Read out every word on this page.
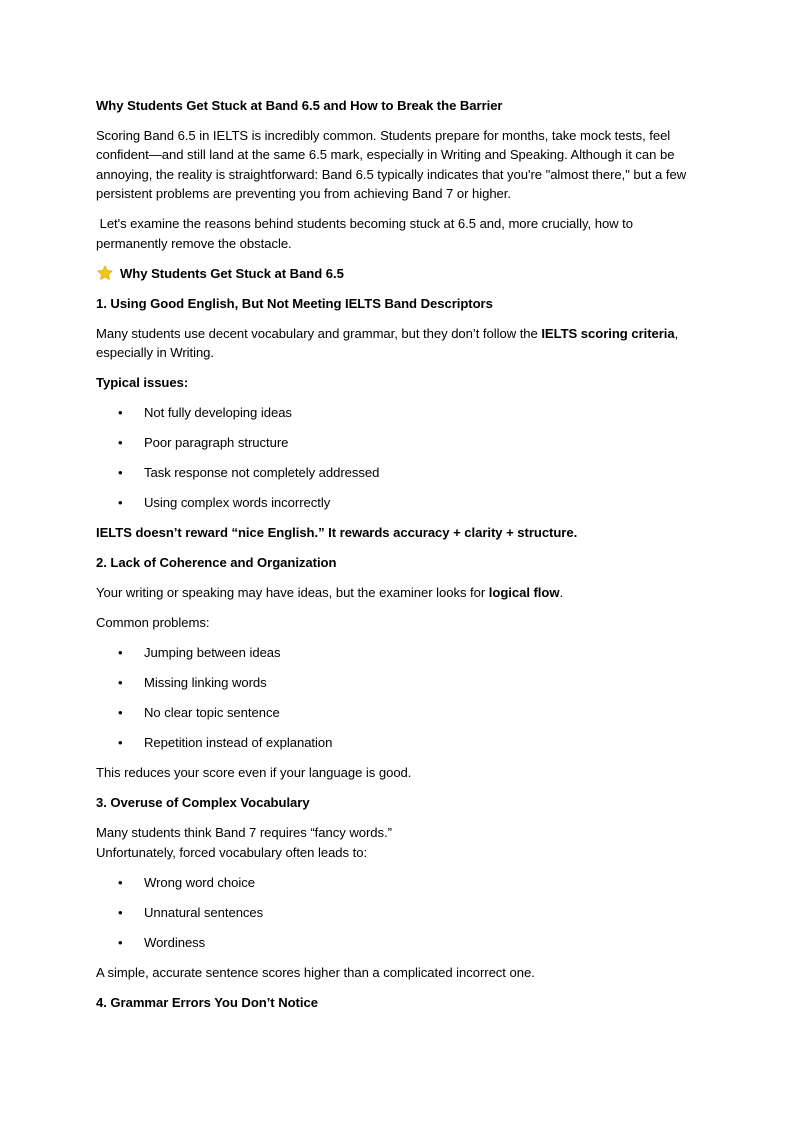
Why Students Get Stuck at Band 6.5 and How to Break the Barrier

Scoring Band 6.5 in IELTS is incredibly common. Students prepare for months, take mock tests, feel confident—and still land at the same 6.5 mark, especially in Writing and Speaking. Although it can be annoying, the reality is straightforward: Band 6.5 typically indicates that you're "almost there," but a few persistent problems are preventing you from achieving Band 7 or higher.

Let's examine the reasons behind students becoming stuck at 6.5 and, more crucially, how to permanently remove the obstacle.

Why Students Get Stuck at Band 6.5

1. Using Good English, But Not Meeting IELTS Band Descriptors

Many students use decent vocabulary and grammar, but they don’t follow the IELTS scoring criteria, especially in Writing.

Typical issues:

• Not fully developing ideas
• Poor paragraph structure
• Task response not completely addressed
• Using complex words incorrectly

IELTS doesn’t reward “nice English.” It rewards accuracy + clarity + structure.

2. Lack of Coherence and Organization

Your writing or speaking may have ideas, but the examiner looks for logical flow.

Common problems:

• Jumping between ideas
• Missing linking words
• No clear topic sentence
• Repetition instead of explanation

This reduces your score even if your language is good.

3. Overuse of Complex Vocabulary

Many students think Band 7 requires “fancy words.”
Unfortunately, forced vocabulary often leads to:

• Wrong word choice
• Unnatural sentences
• Wordiness

A simple, accurate sentence scores higher than a complicated incorrect one.

4. Grammar Errors You Don’t Notice
